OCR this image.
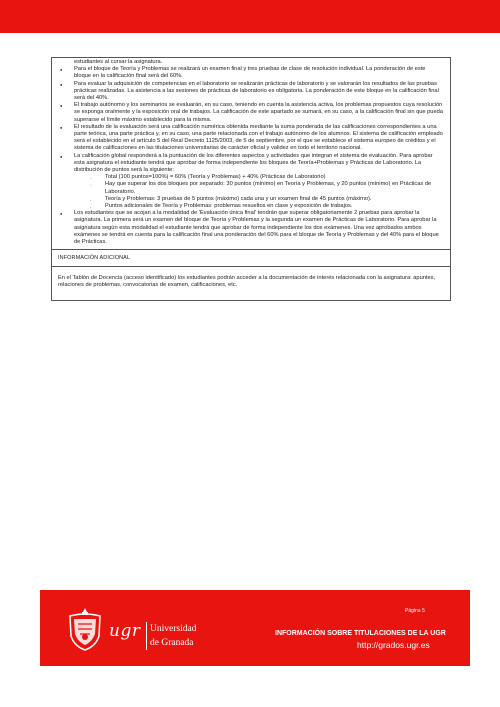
estudiantes al cursar la asignatura.
● Para el bloque de Teoría y Problemas se realizará un examen final y tres pruebas de clase de resolución individual. La ponderación de este bloque en la calificación final será del 60%.
● Para evaluar la adquisición de competencias en el laboratorio se realizarán prácticas de laboratorio y se valorarán los resultados de las pruebas prácticas realizadas. La asistencia a las sesiones de prácticas de laboratorio es obligatoria. La ponderación de este bloque en la calificación final será del 40%.
● El trabajo autónomo y los seminarios se evaluarán, en su caso, teniendo en cuenta la asistencia activa, los problemas propuestos cuya resolución se exponga oralmente y la exposición oral de trabajos. La calificación de este apartado se sumará, en su caso, a la calificación final sin que pueda superarse el límite máximo establecido para la misma.
● El resultado de la evaluación será una calificación numérica obtenida mediante la suma ponderada de las calificaciones correspondientes a una parte teórica, una parte práctica y, en su caso, una parte relacionada con el trabajo autónomo de los alumnos. El sistema de calificación empleado será el establecido en el artículo 5 del Real Decreto 1125/2003, de 5 de septiembre, por el que se establece el sistema europeo de créditos y el sistema de calificaciones en las titulaciones universitarias de carácter oficial y validez en todo el territorio nacional.
● La calificación global responderá a la puntuación de los diferentes aspectos y actividades que integran el sistema de evaluación. Para aprobar esta asignatura el estudiante tendrá que aprobar de forma independiente los bloques de Teoría+Problemas y Prácticas de Laboratorio. La distribución de puntos será la siguiente:
- Total (100 puntos=100%) = 60% (Teoría y Problemas) + 40% (Prácticas de Laboratorio)
- Hay que superar los dos bloques por separado: 30 puntos (mínimo) en Teoría y Problemas, y 20 puntos (mínimo) en Prácticas de Laboratorio.
- Teoría y Problemas: 3 pruebas de 5 puntos (máximo) cada una y un examen final de 45 puntos (máximo).
- Puntos adicionales de Teoría y Problemas: problemas resueltos en clase y exposición de trabajos.
● Los estudiantes que se acojan a la modalidad de 'Evaluación única final' tendrán que superar obligatoriamente 2 pruebas para aprobar la asignatura. La primera será un examen del bloque de Teoría y Problemas y la segunda un examen de Prácticas de Laboratorio. Para aprobar la asignatura según esta modalidad el estudiante tendrá que aprobar de forma independiente los dos exámenes. Una vez aprobados ambos exámenes se tendrá en cuenta para la calificación final una ponderación del 60% para el bloque de Teoría y Problemas y del 40% para el bloque de Prácticas.
INFORMACIÓN ADICIONAL
En el Tablón de Docencia (acceso identificado) los estudiantes podrán acceder a la documentación de interés relacionada con la asignatura: apuntes, relaciones de problemas, convocatorias de examen, calificaciones, etc.
Página 5
ugr Universidad
de Granada
INFORMACIÓN SOBRE TITULACIONES DE LA UGR
http://grados.ugr.es
